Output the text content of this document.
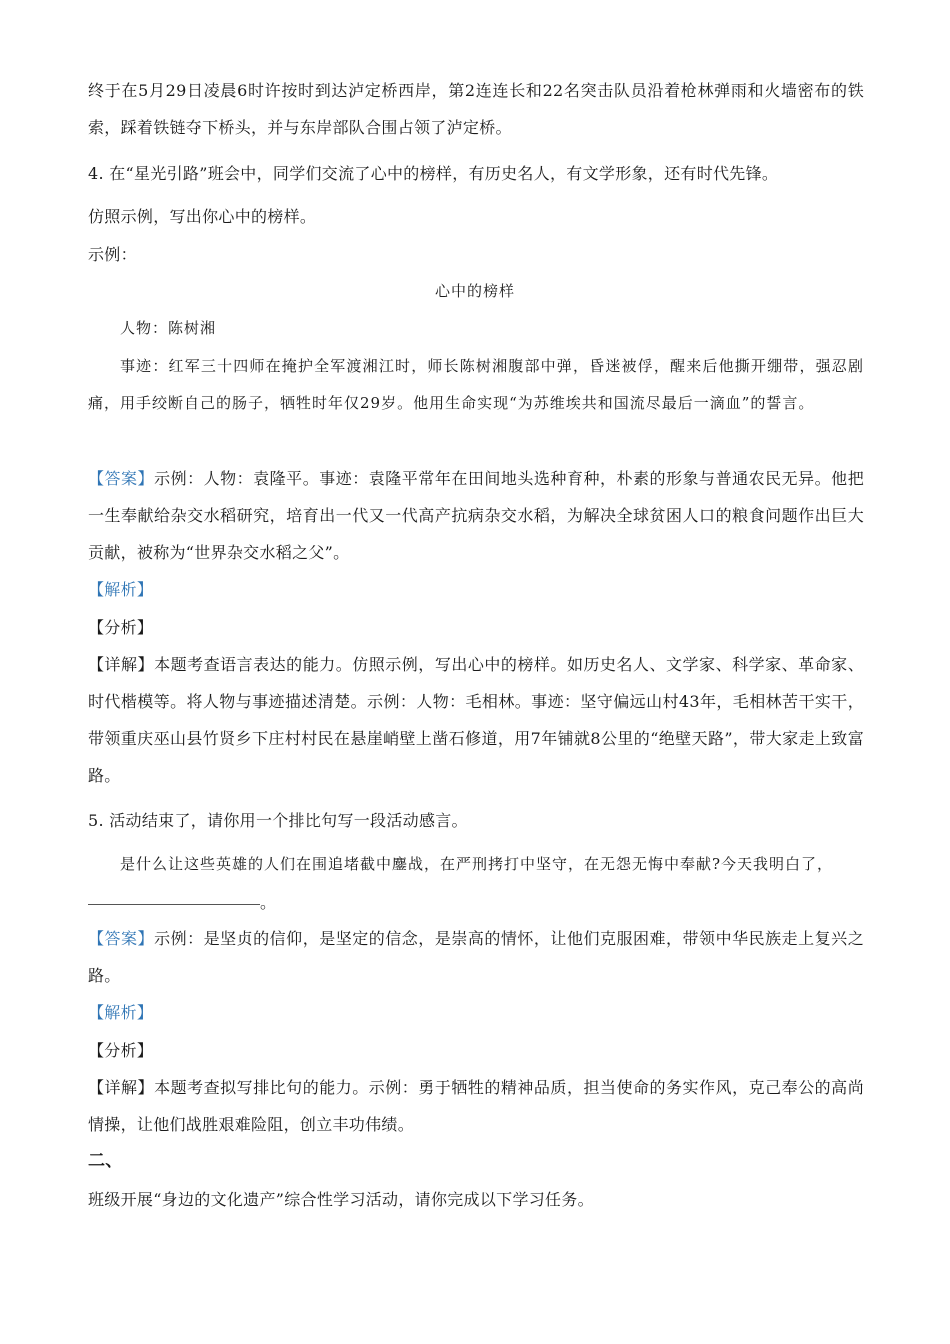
终于在5月29日凌晨6时许按时到达泸定桥西岸，第2连连长和22名突击队员沿着枪林弹雨和火墙密布的铁索，踩着铁链夺下桥头，并与东岸部队合围占领了泸定桥。

4. 在“星光引路”班会中，同学们交流了心中的榜样，有历史名人，有文学形象，还有时代先锋。

仿照示例，写出你心中的榜样。

示例：

心中的榜样

人物：陈树湘

事迹：红军三十四师在掩护全军渡湘江时，师长陈树湘腹部中弹，昏迷被俘，醒来后他撕开绷带，强忍剧痛，用手绞断自己的肠子，牺牲时年仅29岁。他用生命实现“为苏维埃共和国流尽最后一滴血”的誓言。

【答案】示例：人物：袁隆平。事迹：袁隆平常年在田间地头选种育种，朴素的形象与普通农民无异。他把一生奉献给杂交水稻研究，培育出一代又一代高产抗病杂交水稻，为解决全球贫困人口的粮食问题作出巨大贡献，被称为“世界杂交水稻之父”。

【解析】

【分析】

【详解】本题考查语言表达的能力。仿照示例，写出心中的榜样。如历史名人、文学家、科学家、革命家、时代楷模等。将人物与事迹描述清楚。示例：人物：毛相林。事迹：坚守偏远山村43年，毛相林苦干实干，带领重庆巫山县竹贤乡下庄村村民在悬崖峭壁上凿石修道，用7年铺就8公里的“绝壁天路”，带大家走上致富路。

5. 活动结束了，请你用一个排比句写一段活动感言。

是什么让这些英雄的人们在围追堵截中鏖战，在严刑拷打中坚守，在无怨无悔中奉献?今天我明白了，

。

【答案】示例：是坚贞的信仰，是坚定的信念，是崇高的情怀，让他们克服困难，带领中华民族走上复兴之路。

【解析】

【分析】

【详解】本题考查拟写排比句的能力。示例：勇于牺牲的精神品质，担当使命的务实作风，克己奉公的高尚情操，让他们战胜艰难险阻，创立丰功伟绩。

二、

班级开展“身边的文化遗产”综合性学习活动，请你完成以下学习任务。
